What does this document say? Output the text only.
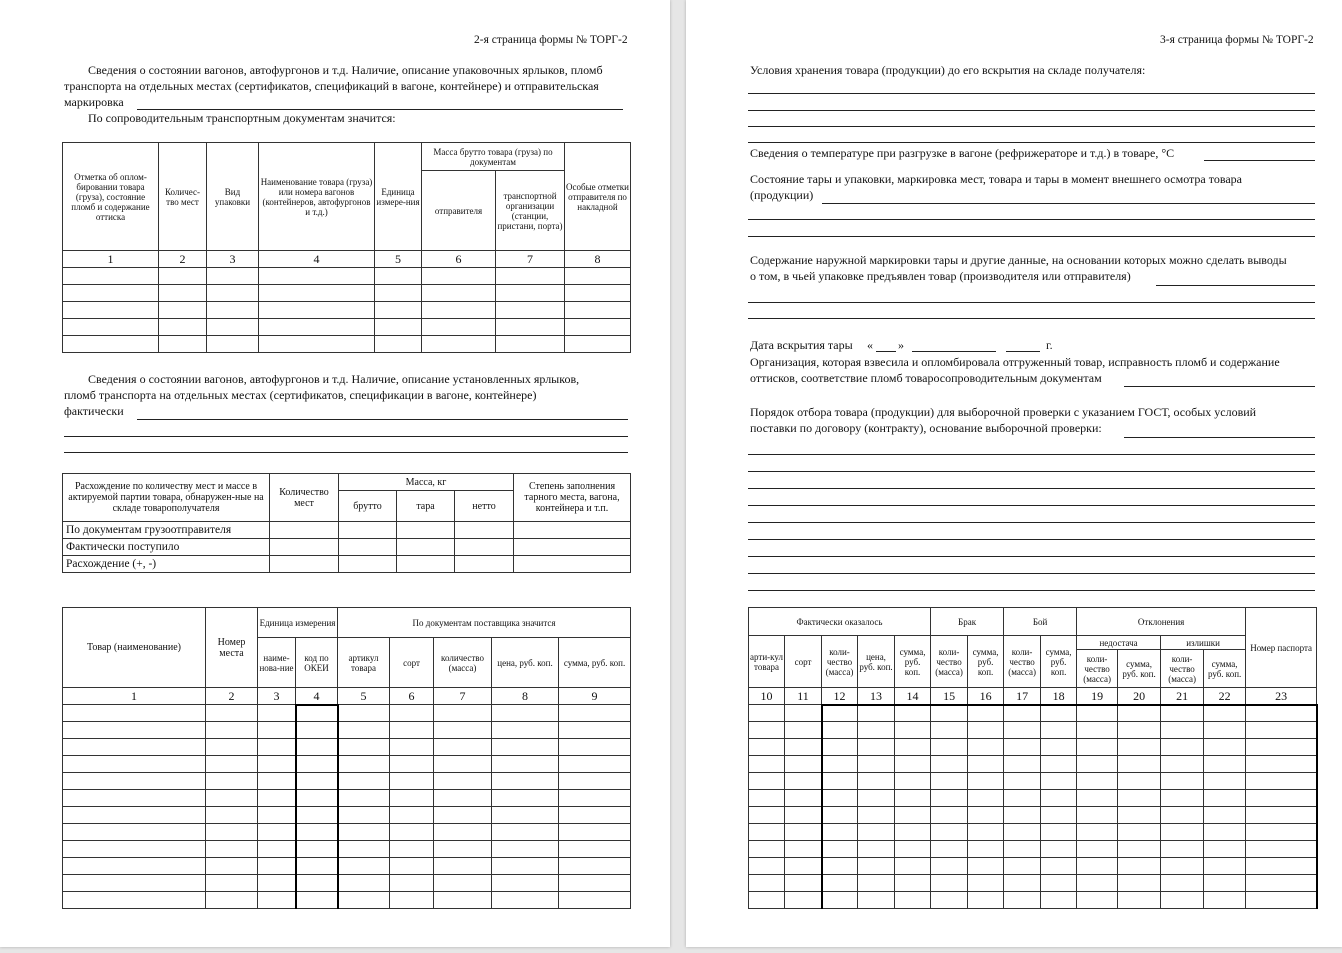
2-я страница формы № ТОРГ-2
Сведения о состоянии вагонов, автофургонов и т.д. Наличие, описание упаковочных ярлыков, пломб
транспорта на отдельных местах (сертификатов, спецификаций в вагоне, контейнере) и отправительская
маркировка
По сопроводительным транспортным документам значится:
Отметка об оплом-бировании товара (груза), состояние пломб и содержание оттиска	Количес-тво мест	Вид упаковки	Наименование товара (груза) или номера вагонов (контейнеров, автофургонов и т.д.)	Единица измере-ния	Масса брутто товара (груза) по документам		Особые отметки отправителя по накладной
					отправителя	транспортной организации (станции, пристани, порта)	
1	2	3	4	5	6	7	8

Сведения о состоянии вагонов, автофургонов и т.д. Наличие, описание установленных ярлыков,
пломб транспорта на отдельных местах (сертификатов, спецификации в вагоне, контейнере)
фактически
Расхождение по количеству мест и массе в актируемой партии товара, обнаружен-ные на складе товарополучателя	Количество мест	Масса, кг			Степень заполнения тарного места, вагона, контейнера и т.п.
		брутто	тара	нетто	
По документам грузоотправителя					
Фактически поступило					
Расхождение (+, -)					
Товар (наименование)	Номер места	Единица измерения		По документам поставщика значится				
		наиме-нова-ние	код по ОКЕИ	артикул товара	сорт	количество (масса)	цена, руб. коп.	сумма, руб. коп.
1	2	3	4	5	6	7	8	9

3-я страница формы № ТОРГ-2
Условия хранения товара (продукции) до его вскрытия на складе получателя:
Сведения о температуре при разгрузке в вагоне (рефрижераторе и т.д.) в товаре, °С
Состояние тары и упаковки, маркировка мест, товара и тары в момент внешнего осмотра товара
(продукции)
Содержание наружной маркировки тары и другие данные, на основании которых можно сделать выводы
о том, в чьей упаковке предъявлен товар (производителя или отправителя)
Дата вскрытия тары « »	г.
Организация, которая взвесила и опломбировала отгруженный товар, исправность пломб и содержание
оттисков, соответствие пломб товаросопроводительным документам
Порядок отбора товара (продукции) для выборочной проверки с указанием ГОСТ, особых условий
поставки по договору (контракту), основание выборочной проверки:
Фактически оказалось					Брак		Бой		Отклонения				Номер паспорта
арти-кул товара	сорт	коли-чество (масса)	цена, руб. коп.	сумма, руб. коп.	коли-чество (масса)	сумма, руб. коп.	коли-чество (масса)	сумма, руб. коп.	недостача		излишки		
									коли-чество (масса)	сумма, руб. коп.	коли-чество (масса)	сумма, руб. коп.	
10	11	12	13	14	15	16	17	18	19	20	21	22	23
